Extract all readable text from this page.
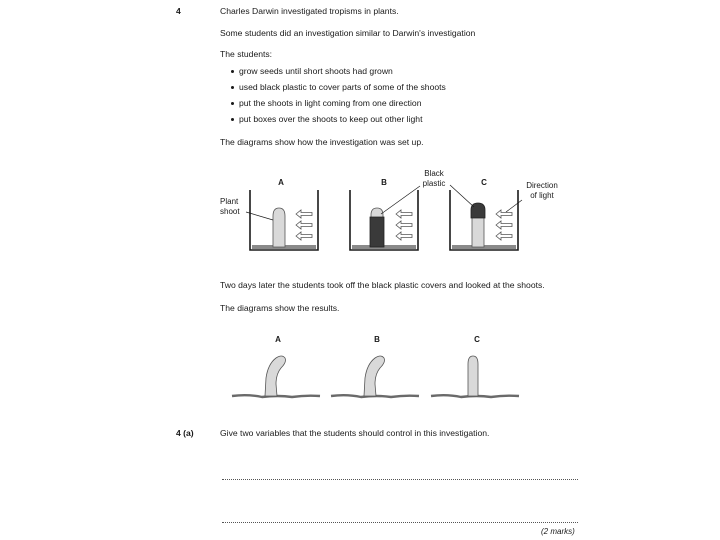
4	Charles Darwin investigated tropisms in plants.
Some students did an investigation similar to Darwin's investigation
The students:
grow seeds until short shoots had grown
used black plastic to cover parts of some of the shoots
put the shoots in light coming from one direction
put boxes over the shoots to keep out other light
The diagrams show how the investigation was set up.
A	B	C
Plant
shoot
Black
plastic	Direction
of light
Two days later the students took off the black plastic covers and looked at the shoots.
The diagrams show the results.
A	B	C
4 (a)	Give two variables that the students should control in this investigation.
(2 marks)
